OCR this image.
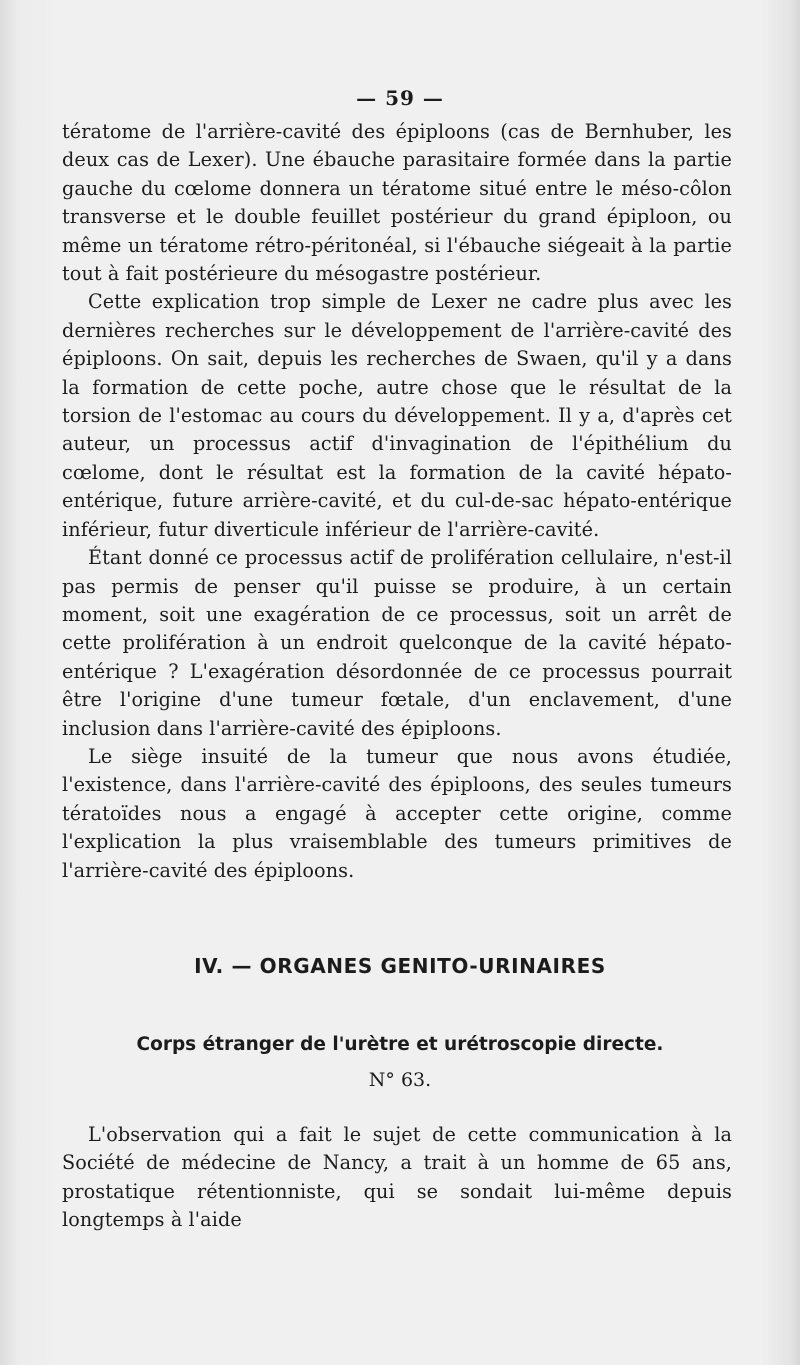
— 59 —

tératome de l'arrière-cavité des épiploons (cas de Bernhuber, les deux cas de Lexer). Une ébauche parasitaire formée dans la partie gauche du cœlome donnera un tératome situé entre le méso-côlon transverse et le double feuillet postérieur du grand épiploon, ou même un tératome rétro-péritonéal, si l'ébauche siégeait à la partie tout à fait postérieure du mésogastre postérieur.

Cette explication trop simple de Lexer ne cadre plus avec les dernières recherches sur le développement de l'arrière-cavité des épiploons. On sait, depuis les recherches de Swaen, qu'il y a dans la formation de cette poche, autre chose que le résultat de la torsion de l'estomac au cours du développement. Il y a, d'après cet auteur, un processus actif d'invagination de l'épithélium du cœlome, dont le résultat est la formation de la cavité hépato-entérique, future arrière-cavité, et du cul-de-sac hépato-entérique inférieur, futur diverticule inférieur de l'arrière-cavité.

Étant donné ce processus actif de prolifération cellulaire, n'est-il pas permis de penser qu'il puisse se produire, à un certain moment, soit une exagération de ce processus, soit un arrêt de cette prolifération à un endroit quelconque de la cavité hépato-entérique ? L'exagération désordonnée de ce processus pourrait être l'origine d'une tumeur fœtale, d'un enclavement, d'une inclusion dans l'arrière-cavité des épiploons.

Le siège insuité de la tumeur que nous avons étudiée, l'existence, dans l'arrière-cavité des épiploons, des seules tumeurs tératoïdes nous a engagé à accepter cette origine, comme l'explication la plus vraisemblable des tumeurs primitives de l'arrière-cavité des épiploons.

IV. — ORGANES GENITO-URINAIRES
Corps étranger de l'urètre et urétroscopie directe.
N° 63.

L'observation qui a fait le sujet de cette communication à la Société de médecine de Nancy, a trait à un homme de 65 ans, prostatique rétentionniste, qui se sondait lui-même depuis longtemps à l'aide
